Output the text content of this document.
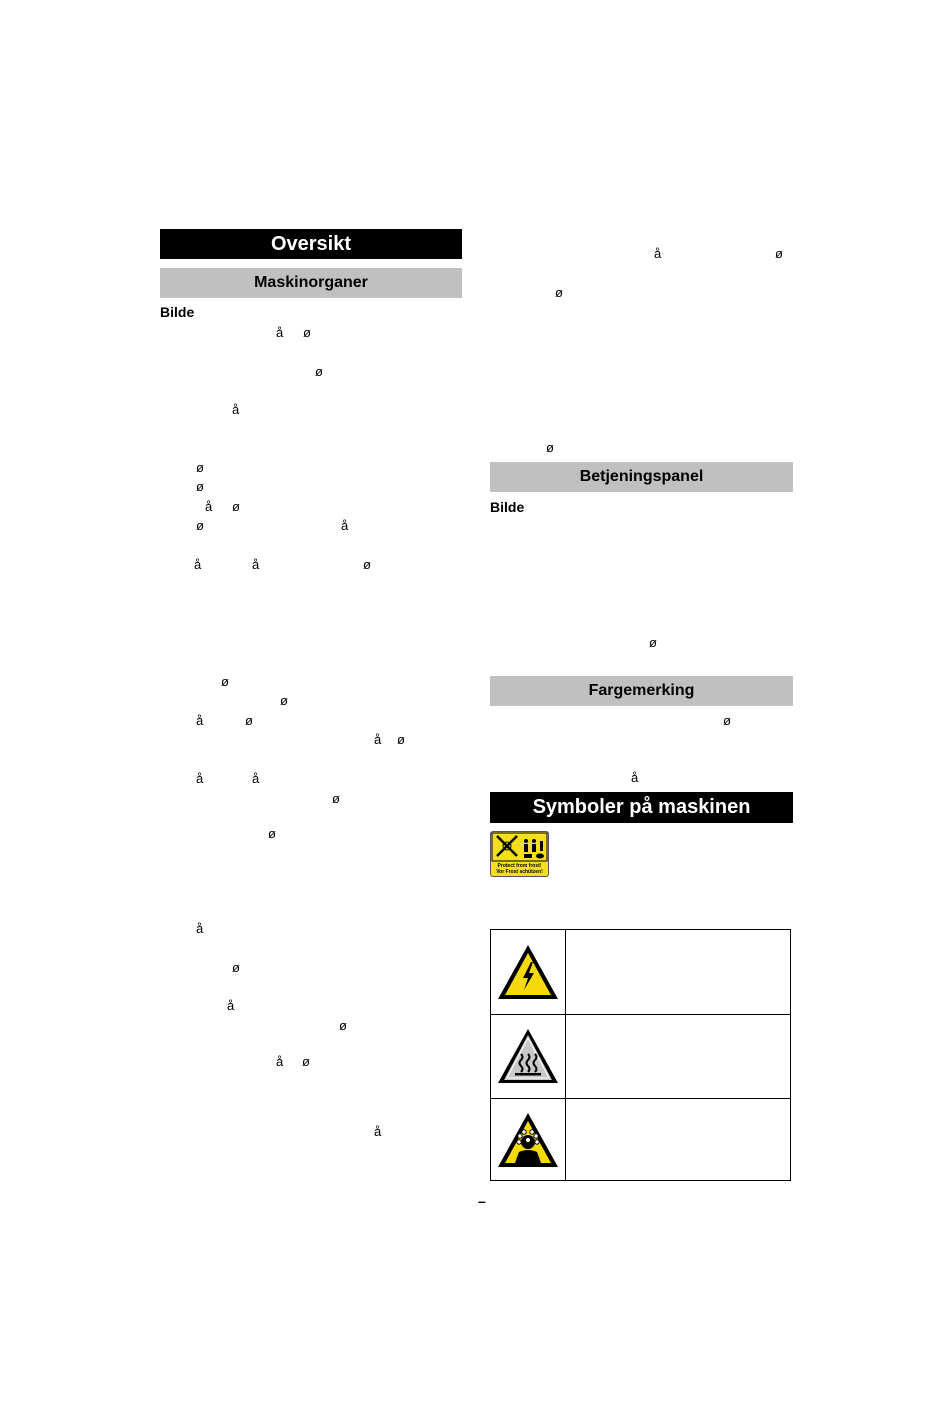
Oversikt
Maskinorganer
Bilde
å ø
ø
å
ø
ø
å ø
ø	å
å	å	ø
ø
ø
å	ø
å ø
å	å
ø
ø
å
ø
å
ø
å ø
å
å	ø
ø
ø
ø
ø
å
Betjeningspanel
Bilde
Fargemerking
Symboler på maskinen
Protect from frost!
Vor Frost schützen!
–
